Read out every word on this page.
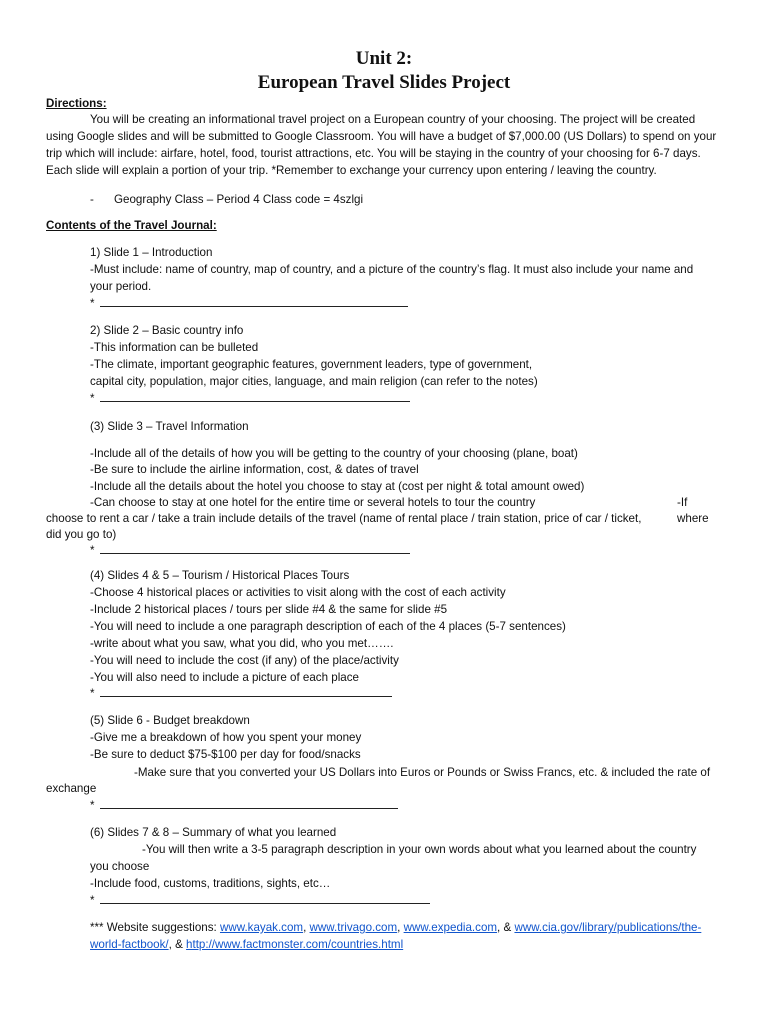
Unit 2:
European Travel Slides Project
Directions:
You will be creating an informational travel project on a European country of your choosing. The project will be created
using Google slides and will be submitted to Google Classroom. You will have a budget of $7,000.00 (US Dollars) to spend on your
trip which will include: airfare, hotel, food, tourist attractions, etc. You will be staying in the country of your choosing for 6-7 days.
Each slide will explain a portion of your trip. *Remember to exchange your currency upon entering / leaving the country.
- Geography Class – Period 4 Class code = 4szlgi
Contents of the Travel Journal:
1) Slide 1 – Introduction
-Must include: name of country, map of country, and a picture of the country’s flag. It must also include your name and
your period.
*
2) Slide 2 – Basic country info
-This information can be bulleted
-The climate, important geographic features, government leaders, type of government,
capital city, population, major cities, language, and main religion (can refer to the notes)
*
(3) Slide 3 – Travel Information
-Include all of the details of how you will be getting to the country of your choosing (plane, boat)
-Be sure to include the airline information, cost, & dates of travel
-Include all the details about the hotel you choose to stay at (cost per night & total amount owed)
-Can choose to stay at one hotel for the entire time or several hotels to tour the country	-If
choose to rent a car / take a train include details of the travel (name of rental place / train station, price of car / ticket,	where
did you go to)
*
(4) Slides 4 & 5 – Tourism / Historical Places Tours
-Choose 4 historical places or activities to visit along with the cost of each activity
-Include 2 historical places / tours per slide #4 & the same for slide #5
-You will need to include a one paragraph description of each of the 4 places (5-7 sentences)
-write about what you saw, what you did, who you met…….
-You will need to include the cost (if any) of the place/activity
-You will also need to include a picture of each place
*
(5) Slide 6 - Budget breakdown
-Give me a breakdown of how you spent your money
-Be sure to deduct $75-$100 per day for food/snacks
-Make sure that you converted your US Dollars into Euros or Pounds or Swiss Francs, etc. & included the rate of
exchange
*
(6) Slides 7 & 8 – Summary of what you learned
-You will then write a 3-5 paragraph description in your own words about what you learned about the country
you choose
-Include food, customs, traditions, sights, etc…
*
*** Website suggestions: www.kayak.com, www.trivago.com, www.expedia.com, & www.cia.gov/library/publications/the-
world-factbook/, & http://www.factmonster.com/countries.html
